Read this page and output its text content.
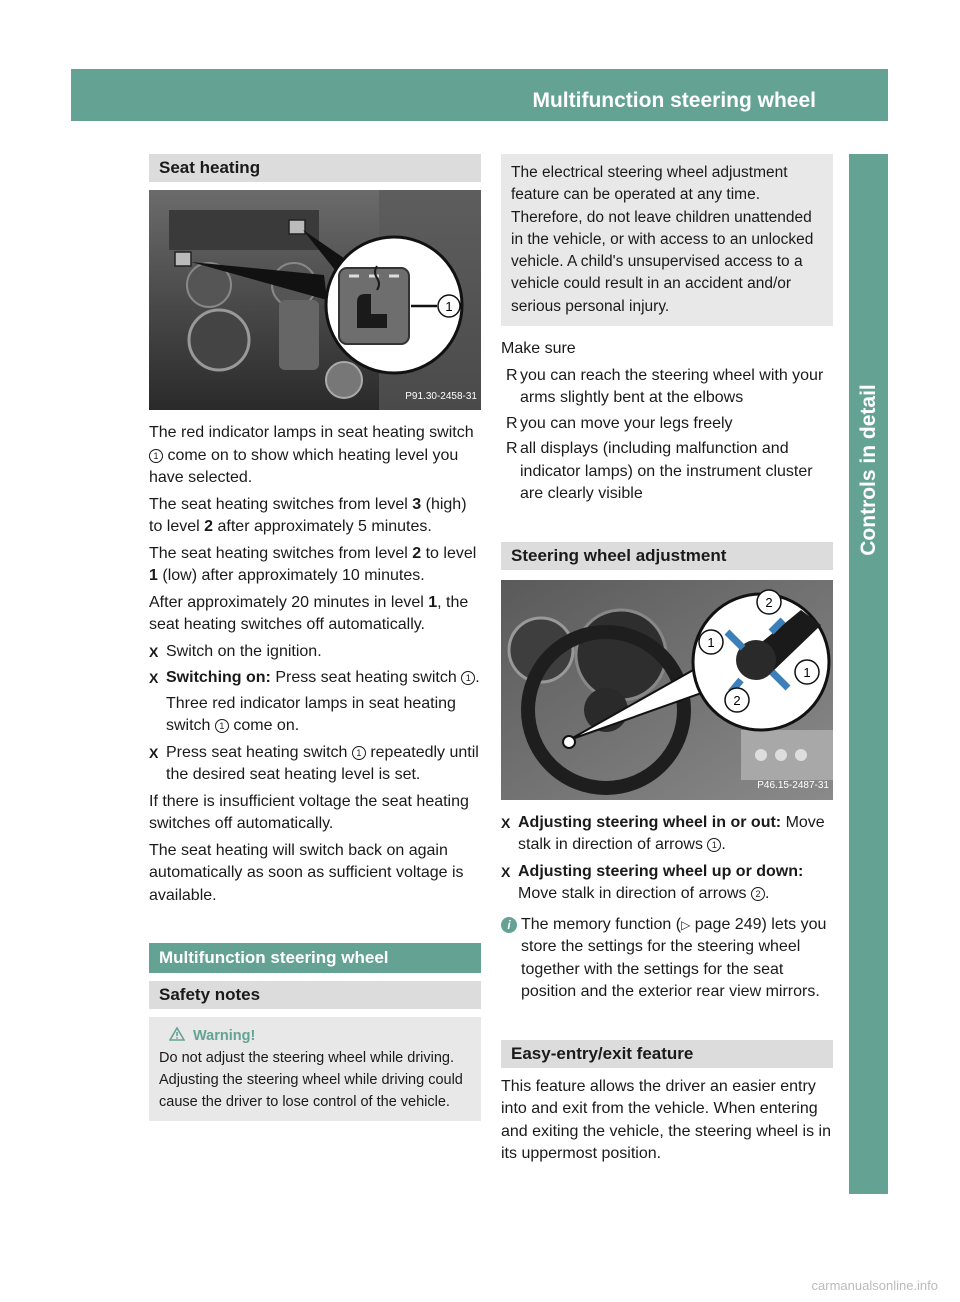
Multifunction steering wheel	245
Controls in detail
Seat heating
1
P91.30-2458-31

The red indicator lamps in seat heating switch 1 come on to show which heating level you have selected.

The seat heating switches from level 3 (high) to level 2 after approximately 5 minutes.

The seat heating switches from level 2 to level 1 (low) after approximately 10 minutes.

After approximately 20 minutes in level 1, the seat heating switches off automatically.

X Switch on the ignition.
X Switching on: Press seat heating switch 1 .
Three red indicator lamps in seat heating switch 1 come on.
X Press seat heating switch 1 repeatedly until the desired seat heating level is set.

If there is insufficient voltage the seat heating switches off automatically.

The seat heating will switch back on again automatically as soon as sufficient voltage is available.

Multifunction steering wheel
Safety notes
Warning!
Do not adjust the steering wheel while driving. Adjusting the steering wheel while driving could cause the driver to lose control of the vehicle.
The electrical steering wheel adjustment feature can be operated at any time. Therefore, do not leave children unattended in the vehicle, or with access to an unlocked vehicle. A child's unsupervised access to a vehicle could result in an accident and/or serious personal injury.

Make sure

R you can reach the steering wheel with your arms slightly bent at the elbows
R you can move your legs freely
R all displays (including malfunction and indicator lamps) on the instrument cluster are clearly visible
Steering wheel adjustment
2
1
1
2
P46.15-2487-31
X Adjusting steering wheel in or out: Move stalk in direction of arrows 1 .
X Adjusting steering wheel up or down: Move stalk in direction of arrows 2 .
i The memory function (▷ page 249) lets you store the settings for the steering wheel together with the settings for the seat position and the exterior rear view mirrors.
Easy-entry/exit feature

This feature allows the driver an easier entry into and exit from the vehicle. When entering and exiting the vehicle, the steering wheel is in its uppermost position.

carmanualsonline.info
